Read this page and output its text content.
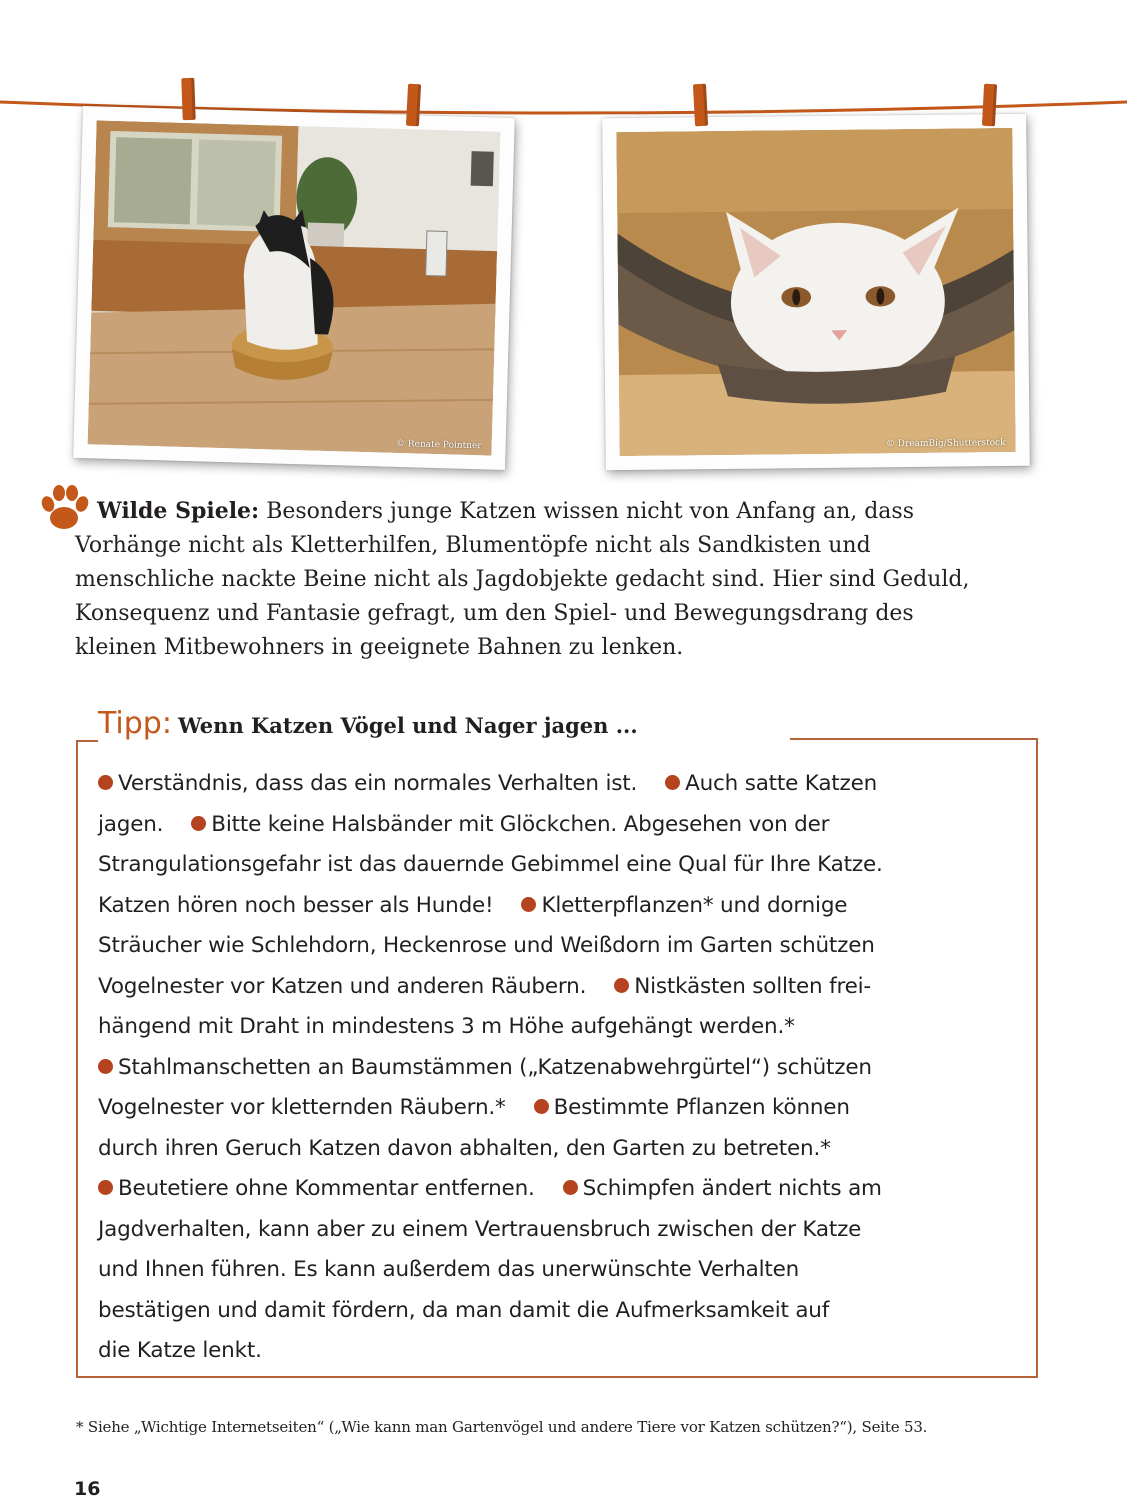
© Renate Pointner	© DreamBig/Shutterstock
Wilde Spiele: Besonders junge Katzen wissen nicht von Anfang an, dass
Vorhänge nicht als Kletterhilfen, Blumentöpfe nicht als Sandkisten und
menschliche nackte Beine nicht als Jagdobjekte gedacht sind. Hier sind Geduld,
Konsequenz und Fantasie gefragt, um den Spiel- und Bewegungsdrang des
kleinen Mitbewohners in geeignete Bahnen zu lenken.
Tipp: Wenn Katzen Vögel und Nager jagen ...
Verständnis, dass das ein normales Verhalten ist. Auch satte Katzen
jagen. Bitte keine Halsbänder mit Glöckchen. Abgesehen von der
Strangulationsgefahr ist das dauernde Gebimmel eine Qual für Ihre Katze.
Katzen hören noch besser als Hunde! Kletterpflanzen* und dornige
Sträucher wie Schlehdorn, Heckenrose und Weißdorn im Garten schützen
Vogelnester vor Katzen und anderen Räubern. Nistkästen sollten frei-
hängend mit Draht in mindestens 3 m Höhe aufgehängt werden.*
Stahlmanschetten an Baumstämmen („Katzenabwehrgürtel“) schützen
Vogelnester vor kletternden Räubern.* Bestimmte Pflanzen können
durch ihren Geruch Katzen davon abhalten, den Garten zu betreten.*
Beutetiere ohne Kommentar entfernen. Schimpfen ändert nichts am
Jagdverhalten, kann aber zu einem Vertrauensbruch zwischen der Katze
und Ihnen führen. Es kann außerdem das unerwünschte Verhalten
bestätigen und damit fördern, da man damit die Aufmerksamkeit auf
die Katze lenkt.
* Siehe „Wichtige Internetseiten“ („Wie kann man Gartenvögel und andere Tiere vor Katzen schützen?“), Seite 53.
16
